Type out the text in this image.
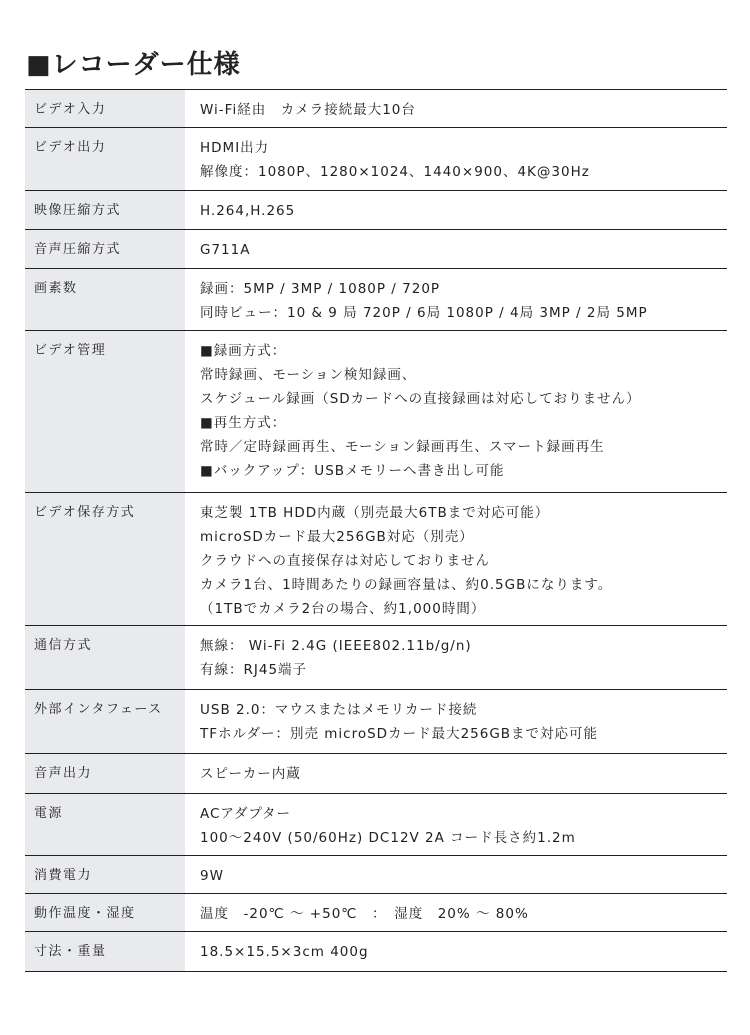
■レコーダー仕様
ビデオ入力	Wi-Fi経由　カメラ接続最大10台
ビデオ出力	HDMI出力
解像度：1080P、1280×1024、1440×900、4K@30Hz
映像圧縮方式	H.264,H.265
音声圧縮方式	G711A
画素数	録画：5MP / 3MP / 1080P / 720P
同時ビュー：10 & 9 局 720P / 6局 1080P / 4局 3MP / 2局 5MP
ビデオ管理	■録画方式：
常時録画、モーション検知録画、
スケジュール録画（SDカードへの直接録画は対応しておりません）
■再生方式：
常時／定時録画再生、モーション録画再生、スマート録画再生
■バックアップ：USBメモリーへ書き出し可能
ビデオ保存方式	東芝製 1TB HDD内蔵（別売最大6TBまで対応可能）
microSDカード最大256GB対応（別売）
クラウドへの直接保存は対応しておりません
カメラ1台、1時間あたりの録画容量は、約0.5GBになります。
（1TBでカメラ2台の場合、約1,000時間）
通信方式	無線： Wi-Fi 2.4G (IEEE802.11b/g/n)
有線：RJ45端子
外部インタフェース	USB 2.0：マウスまたはメモリカード接続
TFホルダー：別売 microSDカード最大256GBまで対応可能
音声出力	スピーカー内蔵
電源	ACアダプター
100～240V (50/60Hz) DC12V 2A コード長さ約1.2m
消費電力	9W
動作温度・湿度	温度　-20℃ ～ +50℃　：　湿度　20% ～ 80%
寸法・重量	18.5×15.5×3cm 400g
